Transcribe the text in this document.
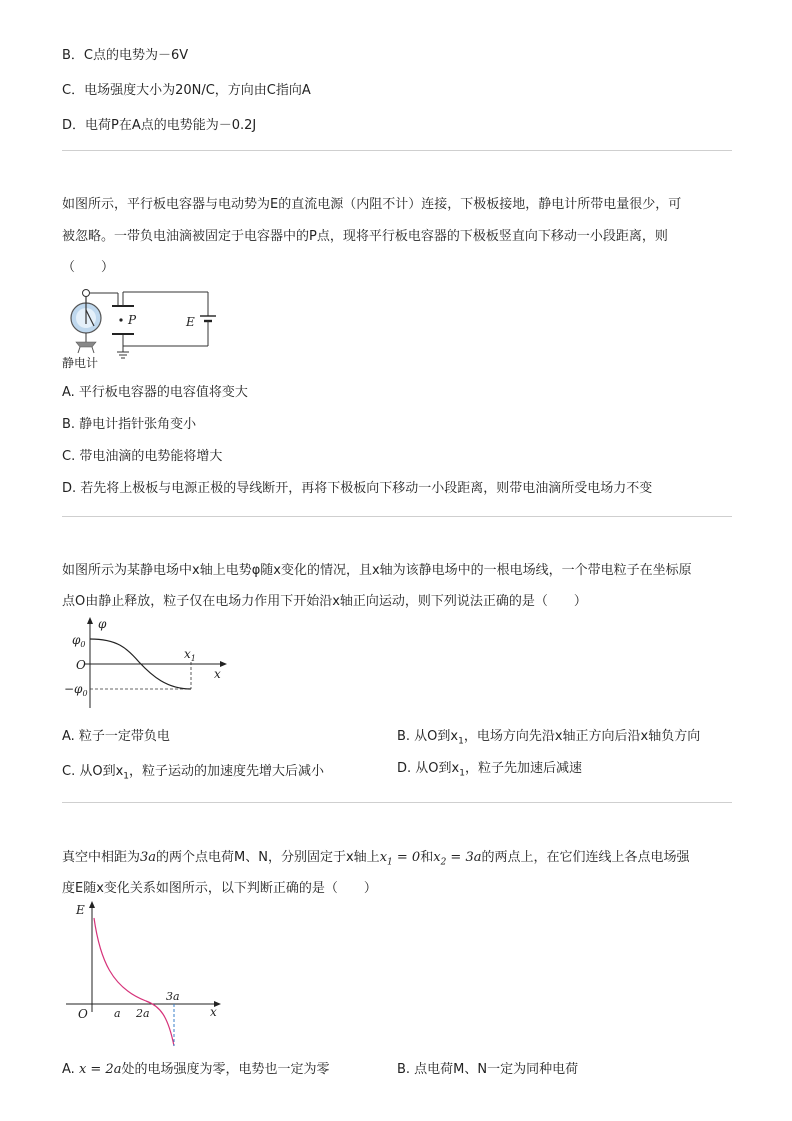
B．C点的电势为－6V
C．电场强度大小为20N/C，方向由C指向A
D．电荷P在A点的电势能为－0.2J
如图所示，平行板电容器与电动势为E的直流电源（内阻不计）连接，下极板接地，静电计所带电量很少，可
被忽略。一带负电油滴被固定于电容器中的P点，现将平行板电容器的下极板竖直向下移动一小段距离，则
（　　）
P	E
静电计
A. 平行板电容器的电容值将变大
B. 静电计指针张角变小
C. 带电油滴的电势能将增大
D. 若先将上极板与电源正极的导线断开，再将下极板向下移动一小段距离，则带电油滴所受电场力不变
如图所示为某静电场中x轴上电势φ随x变化的情况，且x轴为该静电场中的一根电场线，一个带电粒子在坐标原
点O由静止释放，粒子仅在电场力作用下开始沿x轴正向运动，则下列说法正确的是（　　）
φ
x
O
$\varphi_0$
$-\varphi_0$
$x_1$
A. 粒子一定带负电	B. 从O到$x_1$，电场方向先沿x轴正方向后沿x轴负方向
C. 从O到$x_1$，粒子运动的加速度先增大后减小	D. 从O到$x_1$，粒子先加速后减速
真空中相距为3a的两个点电荷M、N，分别固定于x轴上$x_1 = 0$和$x_2 = 3a$的两点上，在它们连线上各点电场强
度E随x变化关系如图所示，以下判断正确的是（　　）
E
x
O a 2a
3a
A. x = 2a处的电场强度为零，电势也一定为零	B. 点电荷M、N一定为同种电荷
